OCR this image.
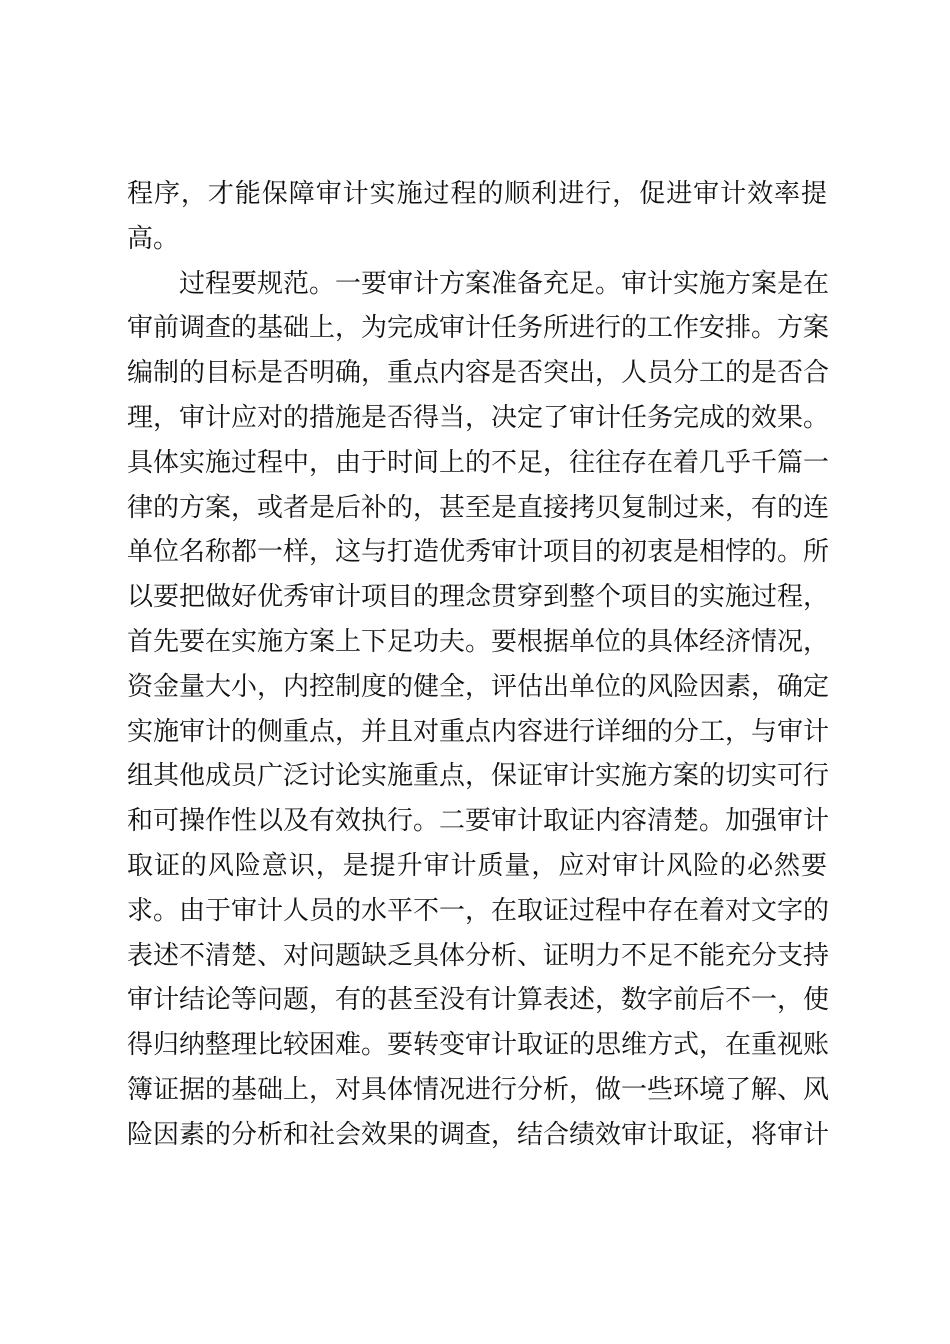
程序，才能保障审计实施过程的顺利进行，促进审计效率提
高。
过程要规范。一要审计方案准备充足。审计实施方案是在
审前调查的基础上，为完成审计任务所进行的工作安排。方案
编制的目标是否明确，重点内容是否突出，人员分工的是否合
理，审计应对的措施是否得当，决定了审计任务完成的效果。
具体实施过程中，由于时间上的不足，往往存在着几乎千篇一
律的方案，或者是后补的，甚至是直接拷贝复制过来，有的连
单位名称都一样，这与打造优秀审计项目的初衷是相悖的。所
以要把做好优秀审计项目的理念贯穿到整个项目的实施过程，
首先要在实施方案上下足功夫。要根据单位的具体经济情况，
资金量大小，内控制度的健全，评估出单位的风险因素，确定
实施审计的侧重点，并且对重点内容进行详细的分工，与审计
组其他成员广泛讨论实施重点，保证审计实施方案的切实可行
和可操作性以及有效执行。二要审计取证内容清楚。加强审计
取证的风险意识，是提升审计质量，应对审计风险的必然要
求。由于审计人员的水平不一，在取证过程中存在着对文字的
表述不清楚、对问题缺乏具体分析、证明力不足不能充分支持
审计结论等问题，有的甚至没有计算表述，数字前后不一，使
得归纳整理比较困难。要转变审计取证的思维方式，在重视账
簿证据的基础上，对具体情况进行分析，做一些环境了解、风
险因素的分析和社会效果的调查，结合绩效审计取证，将审计
